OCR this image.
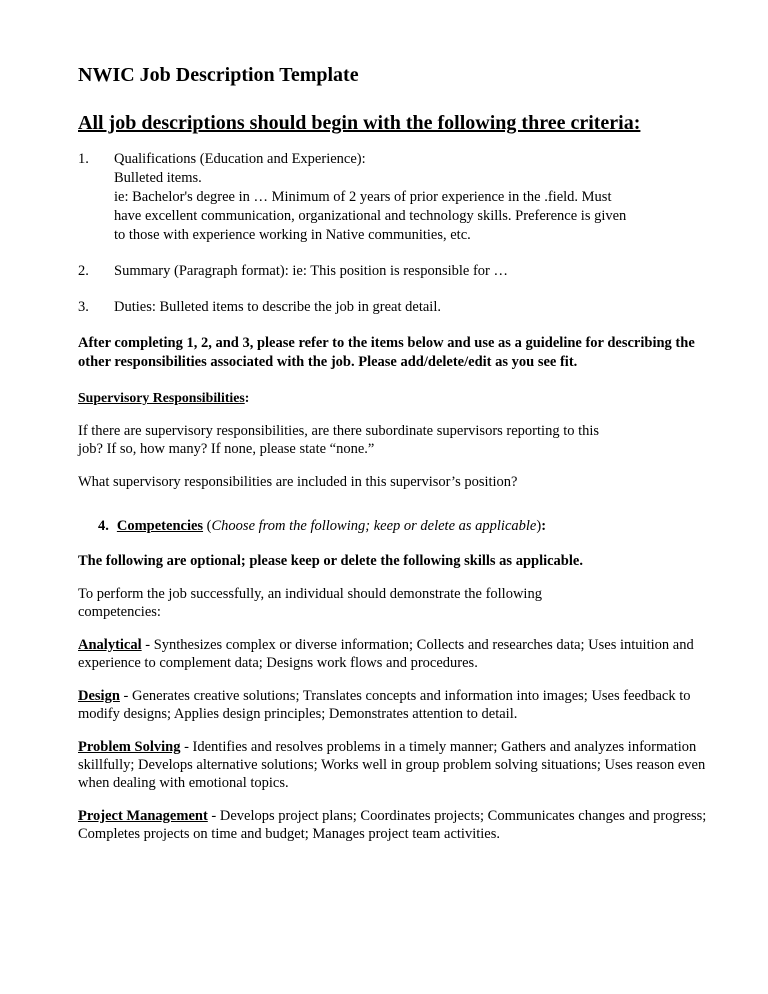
NWIC Job Description Template
All job descriptions should begin with the following three criteria:
1. Qualifications (Education and Experience):
Bulleted items.
ie: Bachelor's degree in … Minimum of 2 years of prior experience in the .field. Must
have excellent communication, organizational and technology skills. Preference is given
to those with experience working in Native communities, etc.
2. Summary (Paragraph format): ie: This position is responsible for …
3. Duties: Bulleted items to describe the job in great detail.

After completing 1, 2, and 3, please refer to the items below and use as a guideline for describing the other responsibilities associated with the job. Please add/delete/edit as you see fit.

Supervisory Responsibilities:

If there are supervisory responsibilities, are there subordinate supervisors reporting to this
job? If so, how many? If none, please state “none.”

What supervisory responsibilities are included in this supervisor’s position?

4. Competencies (Choose from the following; keep or delete as applicable):

The following are optional; please keep or delete the following skills as applicable.

To perform the job successfully, an individual should demonstrate the following
competencies:

Analytical - Synthesizes complex or diverse information; Collects and researches data; Uses intuition and experience to complement data; Designs work flows and procedures.

Design - Generates creative solutions; Translates concepts and information into images; Uses feedback to modify designs; Applies design principles; Demonstrates attention to detail.

Problem Solving - Identifies and resolves problems in a timely manner; Gathers and analyzes information skillfully; Develops alternative solutions; Works well in group problem solving situations; Uses reason even when dealing with emotional topics.

Project Management - Develops project plans; Coordinates projects; Communicates changes and progress; Completes projects on time and budget; Manages project team activities.
